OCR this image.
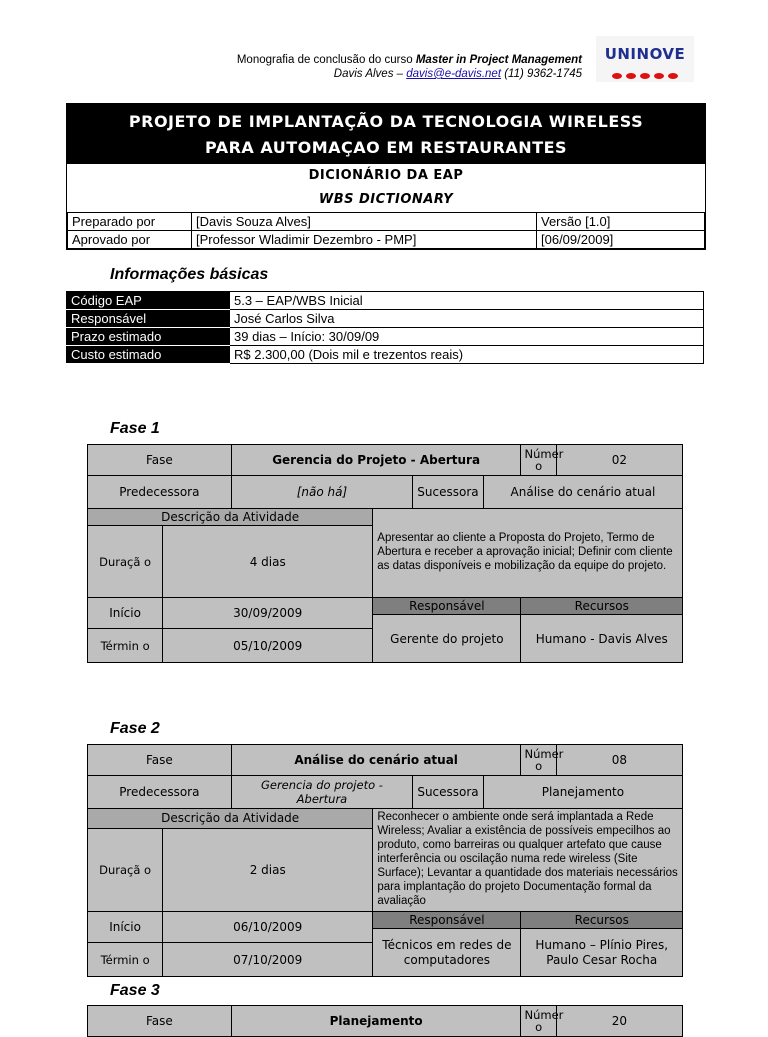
Monografia de conclusão do curso Master in Project Management
Davis Alves – davis@e-davis.net (11) 9362-1745
UNINOVE
PROJETO DE IMPLANTAÇÃO DA TECNOLOGIA WIRELESS
PARA AUTOMAÇAO EM RESTAURANTES
DICIONÁRIO DA EAP
WBS DICTIONARY
Preparado por	[Davis Souza Alves]	Versão [1.0]
Aprovado por	[Professor Wladimir Dezembro - PMP]	[06/09/2009]
Informações básicas
Código EAP	5.3 – EAP/WBS Inicial
Responsável	José Carlos Silva
Prazo estimado	39 dias – Início: 30/09/09
Custo estimado	R$ 2.300,00 (Dois mil e trezentos reais)
Fase 1
Fase		Gerencia do Projeto - Abertura				Númer o	02
Predecessora		[não há]		Sucessora	Análise do cenário atual		
Descrição da Atividade			Apresentar ao cliente a Proposta do Projeto, Termo de Abertura e receber a aprovação inicial; Definir com cliente as datas disponíveis e mobilização da equipe do projeto.				
Duraçã o	4 dias						
Início	30/09/2009		Responsável			Recursos	
			Gerente do projeto			Humano - Davis Alves	
Términ o	05/10/2009						
Fase 2
Fase		Análise do cenário atual				Númer o	08
Predecessora		Gerencia do projeto - Abertura		Sucessora	Planejamento		
Descrição da Atividade			Reconhecer o ambiente onde será implantada a Rede Wireless; Avaliar a existência de possíveis empecilhos ao produto, como barreiras ou qualquer artefato que cause interferência ou oscilação numa rede wireless (Site Surface); Levantar a quantidade dos materiais necessários para implantação do projeto Documentação formal da avaliação				
Duraçã o	2 dias						
Início	06/10/2009		Responsável			Recursos	
			Técnicos em redes de computadores			Humano – Plínio Pires, Paulo Cesar Rocha	
Términ o	07/10/2009						
Fase 3
Fase	Planejamento	Númer o	20
